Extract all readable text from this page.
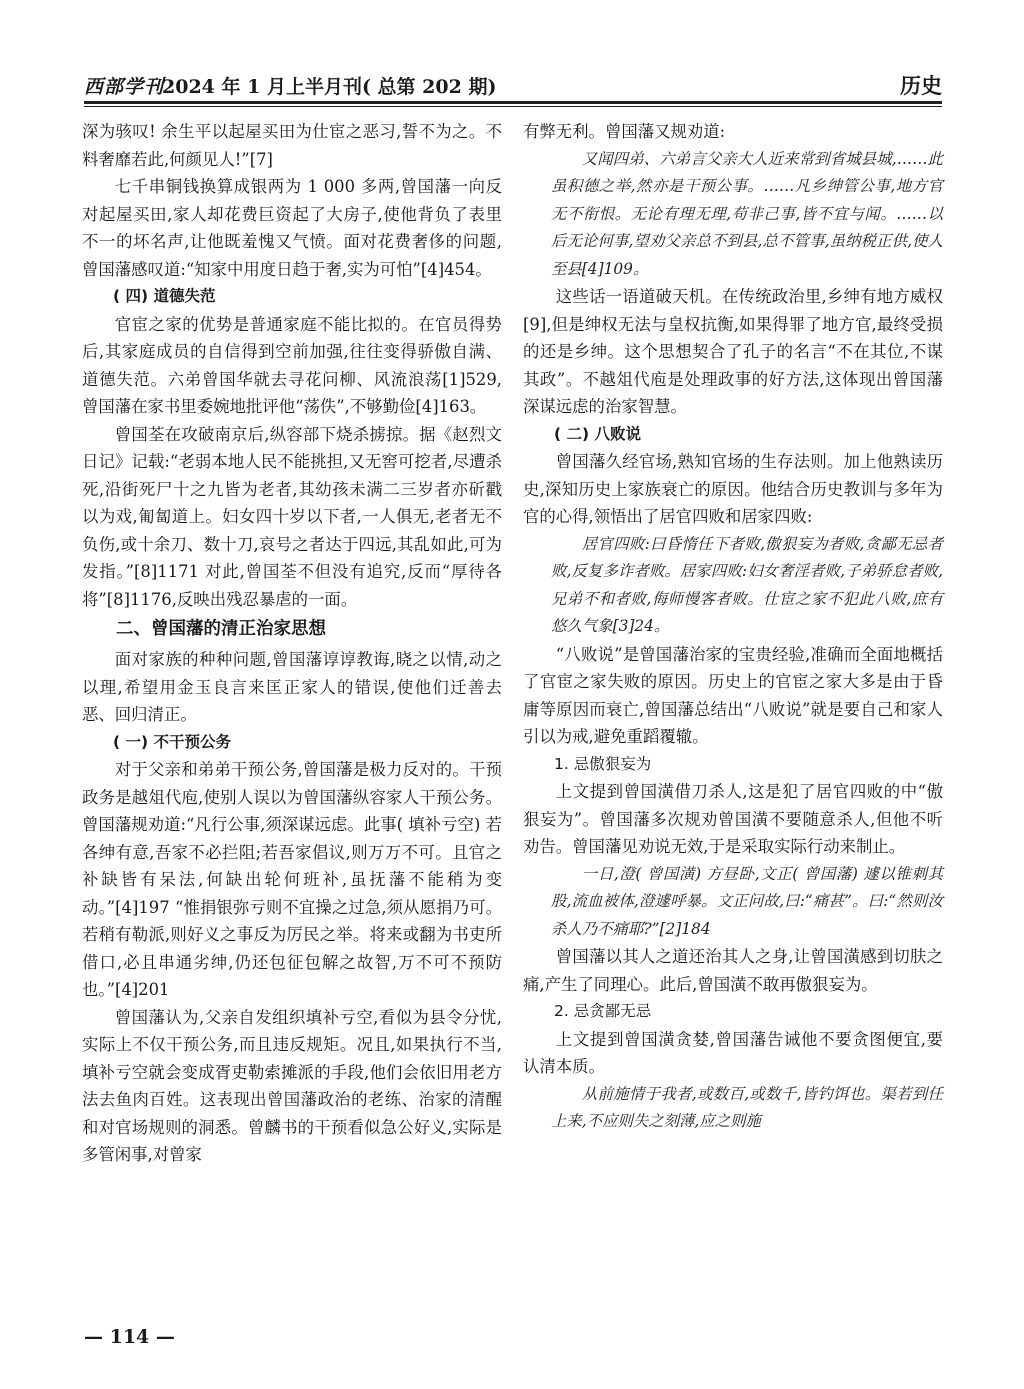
西部学刊
2024 年 1 月上半月刊( 总第 202 期)	历史

深为骇叹! 余生平以起屋买田为仕宦之恶习,誓不为之。不料奢靡若此,何颜见人!”[7]

七千串铜钱换算成银两为 1 000 多两,曾国藩一向反对起屋买田,家人却花费巨资起了大房子,使他背负了表里不一的坏名声,让他既羞愧又气愤。面对花费奢侈的问题,曾国藩感叹道:“知家中用度日趋于奢,实为可怕”[4]454。

( 四) 道德失范

官宦之家的优势是普通家庭不能比拟的。在官员得势后,其家庭成员的自信得到空前加强,往往变得骄傲自满、道德失范。六弟曾国华就去寻花问柳、风流浪荡[1]529,曾国藩在家书里委婉地批评他“荡佚”,不够勤俭[4]163。

曾国荃在攻破南京后,纵容部下烧杀掳掠。据《赵烈文日记》记载:“老弱本地人民不能挑担,又无窖可挖者,尽遭杀死,沿街死尸十之九皆为老者,其幼孩未满二三岁者亦斫戳以为戏,匍匐道上。妇女四十岁以下者,一人俱无,老者无不负伤,或十余刀、数十刀,哀号之者达于四远,其乱如此,可为发指。”[8]1171 对此,曾国荃不但没有追究,反而“厚待各将”[8]1176,反映出残忍暴虐的一面。

二、曾国藩的清正治家思想

面对家族的种种问题,曾国藩谆谆教诲,晓之以情,动之以理,希望用金玉良言来匡正家人的错误,使他们迁善去恶、回归清正。

( 一) 不干预公务

对于父亲和弟弟干预公务,曾国藩是极力反对的。干预政务是越俎代庖,使别人误以为曾国藩纵容家人干预公务。曾国藩规劝道:“凡行公事,须深谋远虑。此事( 填补亏空) 若各绅有意,吾家不必拦阻;若吾家倡议,则万万不可。且官之补缺皆有呆法,何缺出轮何班补,虽抚藩不能稍为变动。”[4]197 “惟捐银弥亏则不宜操之过急,须从愿捐乃可。若稍有勒派,则好义之事反为厉民之举。将来或翻为书吏所借口,必且串通劣绅,仍还包征包解之故智,万不可不预防也。”[4]201

曾国藩认为,父亲自发组织填补亏空,看似为县令分忧,实际上不仅干预公务,而且违反规矩。况且,如果执行不当,填补亏空就会变成胥吏勒索摊派的手段,他们会依旧用老方法去鱼肉百姓。这表现出曾国藩政治的老练、治家的清醒和对官场规则的洞悉。曾麟书的干预看似急公好义,实际是多管闲事,对曾家

有弊无利。曾国藩又规劝道:

又闻四弟、六弟言父亲大人近来常到省城县城,……此虽积德之举,然亦是干预公事。……凡乡绅管公事,地方官无不衔恨。无论有理无理,苟非己事,皆不宜与闻。……以后无论何事,望劝父亲总不到县,总不管事,虽纳税正供,使人至县[4]109。

这些话一语道破天机。在传统政治里,乡绅有地方威权[9],但是绅权无法与皇权抗衡,如果得罪了地方官,最终受损的还是乡绅。这个思想契合了孔子的名言“不在其位,不谋其政”。不越俎代庖是处理政事的好方法,这体现出曾国藩深谋远虑的治家智慧。

( 二) 八败说

曾国藩久经官场,熟知官场的生存法则。加上他熟读历史,深知历史上家族衰亡的原因。他结合历史教训与多年为官的心得,领悟出了居官四败和居家四败:

居官四败:曰昏惰任下者败,傲狠妄为者败,贪鄙无忌者败,反复多诈者败。居家四败:妇女奢淫者败,子弟骄怠者败,兄弟不和者败,侮师慢客者败。仕宦之家不犯此八败,庶有悠久气象[3]24。

“八败说”是曾国藩治家的宝贵经验,准确而全面地概括了官宦之家失败的原因。历史上的官宦之家大多是由于昏庸等原因而衰亡,曾国藩总结出“八败说”就是要自己和家人引以为戒,避免重蹈覆辙。

1. 忌傲狠妄为

上文提到曾国潢借刀杀人,这是犯了居官四败的中“傲狠妄为”。曾国藩多次规劝曾国潢不要随意杀人,但他不听劝告。曾国藩见劝说无效,于是采取实际行动来制止。

一日,澄( 曾国潢) 方昼卧,文正( 曾国藩) 遽以锥刺其股,流血被体,澄遽呼暴。文正问故,曰:“痛甚”。曰:“然则汝杀人乃不痛耶?”[2]184

曾国藩以其人之道还治其人之身,让曾国潢感到切肤之痛,产生了同理心。此后,曾国潢不敢再傲狠妄为。

2. 忌贪鄙无忌

上文提到曾国潢贪婪,曾国藩告诫他不要贪图便宜,要认清本质。

从前施情于我者,或数百,或数千,皆钓饵也。渠若到任上来,不应则失之刻薄,应之则施

— 114 —
